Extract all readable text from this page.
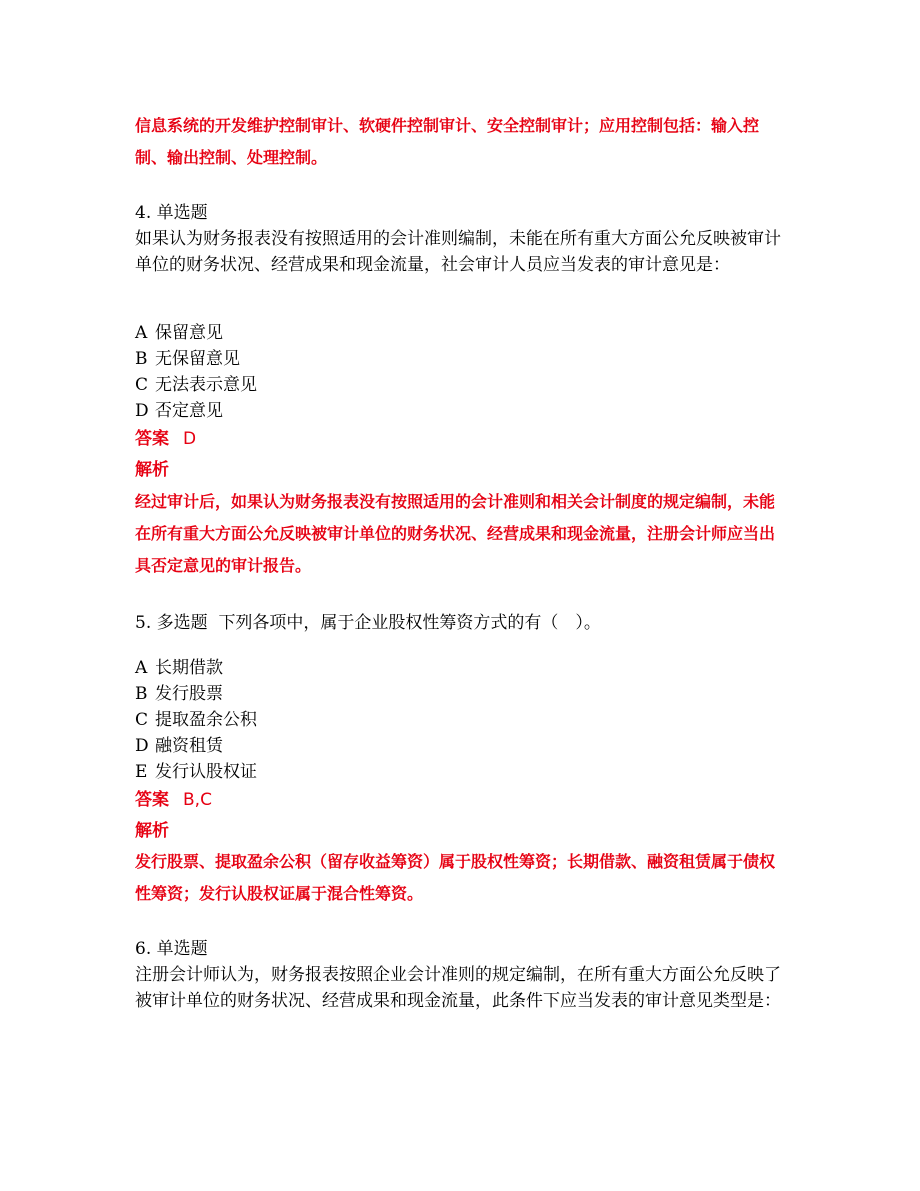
信息系统的开发维护控制审计、软硬件控制审计、安全控制审计；应用控制包括：输入控制、输出控制、处理控制。
4. 单选题
如果认为财务报表没有按照适用的会计准则编制，未能在所有重大方面公允反映被审计单位的财务状况、经营成果和现金流量，社会审计人员应当发表的审计意见是：
A 保留意见
B 无保留意见
C 无法表示意见
D 否定意见
答案 D
解析
经过审计后，如果认为财务报表没有按照适用的会计准则和相关会计制度的规定编制，未能在所有重大方面公允反映被审计单位的财务状况、经营成果和现金流量，注册会计师应当出具否定意见的审计报告。
5. 多选题 下列各项中，属于企业股权性筹资方式的有（　）。
A 长期借款
B 发行股票
C 提取盈余公积
D 融资租赁
E 发行认股权证
答案 B,C
解析
发行股票、提取盈余公积（留存收益筹资）属于股权性筹资；长期借款、融资租赁属于债权性筹资；发行认股权证属于混合性筹资。
6. 单选题
注册会计师认为，财务报表按照企业会计准则的规定编制，在所有重大方面公允反映了被审计单位的财务状况、经营成果和现金流量，此条件下应当发表的审计意见类型是：
